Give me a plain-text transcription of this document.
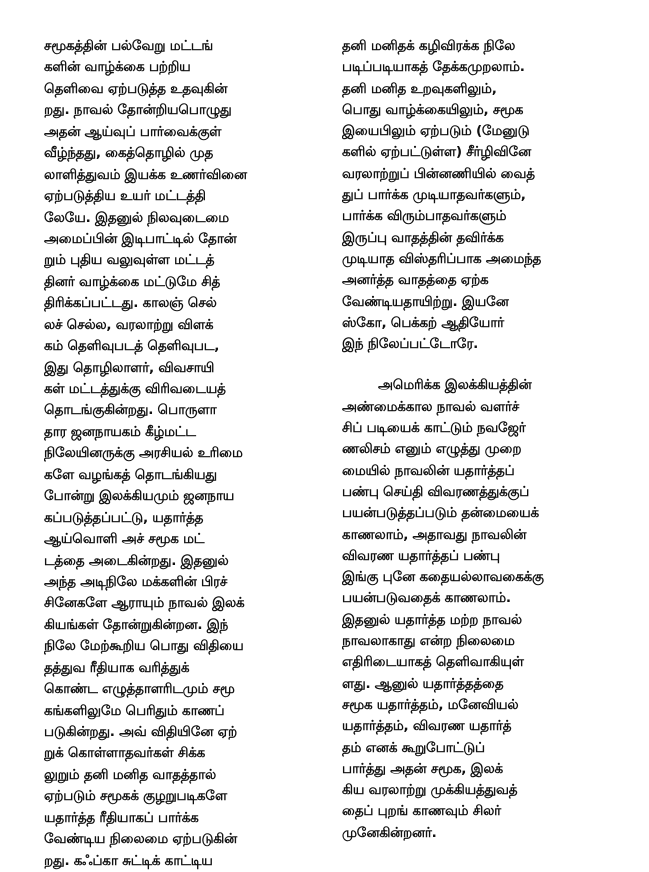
சமூகத்தின் பல்வேறு மட்டங்
களின் வாழ்க்கை பற்றிய
தெளிவை ஏற்படுத்த உதவுகின்
றது. நாவல் தோன்றியபொழுது
அதன் ஆய்வுப் பார்வைக்குள்
வீழ்ந்தது, கைத்தொழில் முத
லாளித்துவம் இயக்க உணர்வினை
ஏற்படுத்திய உயர் மட்டத்தி
லேயே. இதனுல் நிலவுடைமை
அமைப்பின் இடிபாட்டில் தோன்
றும் புதிய வலுவுள்ள மட்டத்
தினர் வாழ்க்கை மட்டுமே சித்
திரிக்கப்பட்டது. காலஞ் செல்
லச் செல்ல, வரலாற்று விளக்
கம் தெளிவுபடத் தெளிவுபட,
இது தொழிலாளர், விவசாயி
கள் மட்டத்துக்கு விரிவடையத்
தொடங்குகின்றது. பொருளா
தார ஜனநாயகம் கீழ்மட்ட
நிலேயினருக்கு அரசியல் உரிமை
களே வழங்கத் தொடங்கியது
போன்று இலக்கியமும் ஜனநாய
கப்படுத்தப்பட்டு, யதார்த்த
ஆய்வொளி அச் சமூக மட்
டத்தை அடைகின்றது. இதனுல்
அந்த அடிநிலே மக்களின் பிரச்
சினேகளே ஆராயும் நாவல் இலக்
கியங்கள் தோன்றுகின்றன. இந்
நிலே மேற்கூறிய பொது விதியை
தத்துவ ரீதியாக வரித்துக்
கொண்ட எழுத்தாளரிடமும் சமூ
கங்களிலுமே பெரிதும் காணப்
படுகின்றது. அவ் விதியினே ஏற்
றுக் கொள்ளாதவர்கள் சிக்க
லுறும் தனி மனித வாதத்தால்
ஏற்படும் சமூகக் குழறுபடிகளே
யதார்த்த ரீதியாகப் பார்க்க
வேண்டிய நிலைமை ஏற்படுகின்
றது. கஃப்கா சுட்டிக் காட்டிய
தனி மனிதக் கழிவிரக்க நிலே
படிப்படியாகத் தேக்கமுறலாம்.
தனி மனித உறவுகளிலும்,
பொது வாழ்க்கையிலும், சமூக
இயைபிலும் ஏற்படும் (மேனுடு
களில் ஏற்பட்டுள்ள) சீர்ழிவினே
வரலாற்றுப் பின்னணியில் வைத்
துப் பார்க்க முடியாதவர்களும்,
பார்க்க விரும்பாதவர்களும்
இருப்பு வாதத்தின் தவிர்க்க
முடியாத விஸ்தரிப்பாக அமைந்த
அனர்த்த வாதத்தை ஏற்க
வேண்டியதாயிற்று. இயனே
ஸ்கோ, பெக்கற் ஆதியோர்
இந் நிலேப்பட்டோரே.
அமெரிக்க இலக்கியத்தின்
அண்மைக்கால நாவல் வளர்ச்
சிப் படியைக் காட்டும் நவஜேர்
ணலிசம் எனும் எழுத்து முறை
மையில் நாவலின் யதார்த்தப்
பண்பு செய்தி விவரணத்துக்குப்
பயன்படுத்தப்படும் தன்மையைக்
காணலாம், அதாவது நாவலின்
விவரண யதார்த்தப் பண்பு
இங்கு புனே கதையல்லாவகைக்கு
பயன்படுவதைக் காணலாம்.
இதனுல் யதார்த்த மற்ற நாவல்
நாவலாகாது என்ற நிலைமை
எதிரிடையாகத் தெளிவாகியுள்
ளது. ஆனுல் யதார்த்தத்தை
சமூக யதார்த்தம், மனேவியல்
யதார்த்தம், விவரண யதார்த்
தம் எனக் கூறுபோட்டுப்
பார்த்து அதன் சமூக, இலக்
கிய வரலாற்று முக்கியத்துவத்
தைப் புறங் காணவும் சிலர்
முனேகின்றனர்.
